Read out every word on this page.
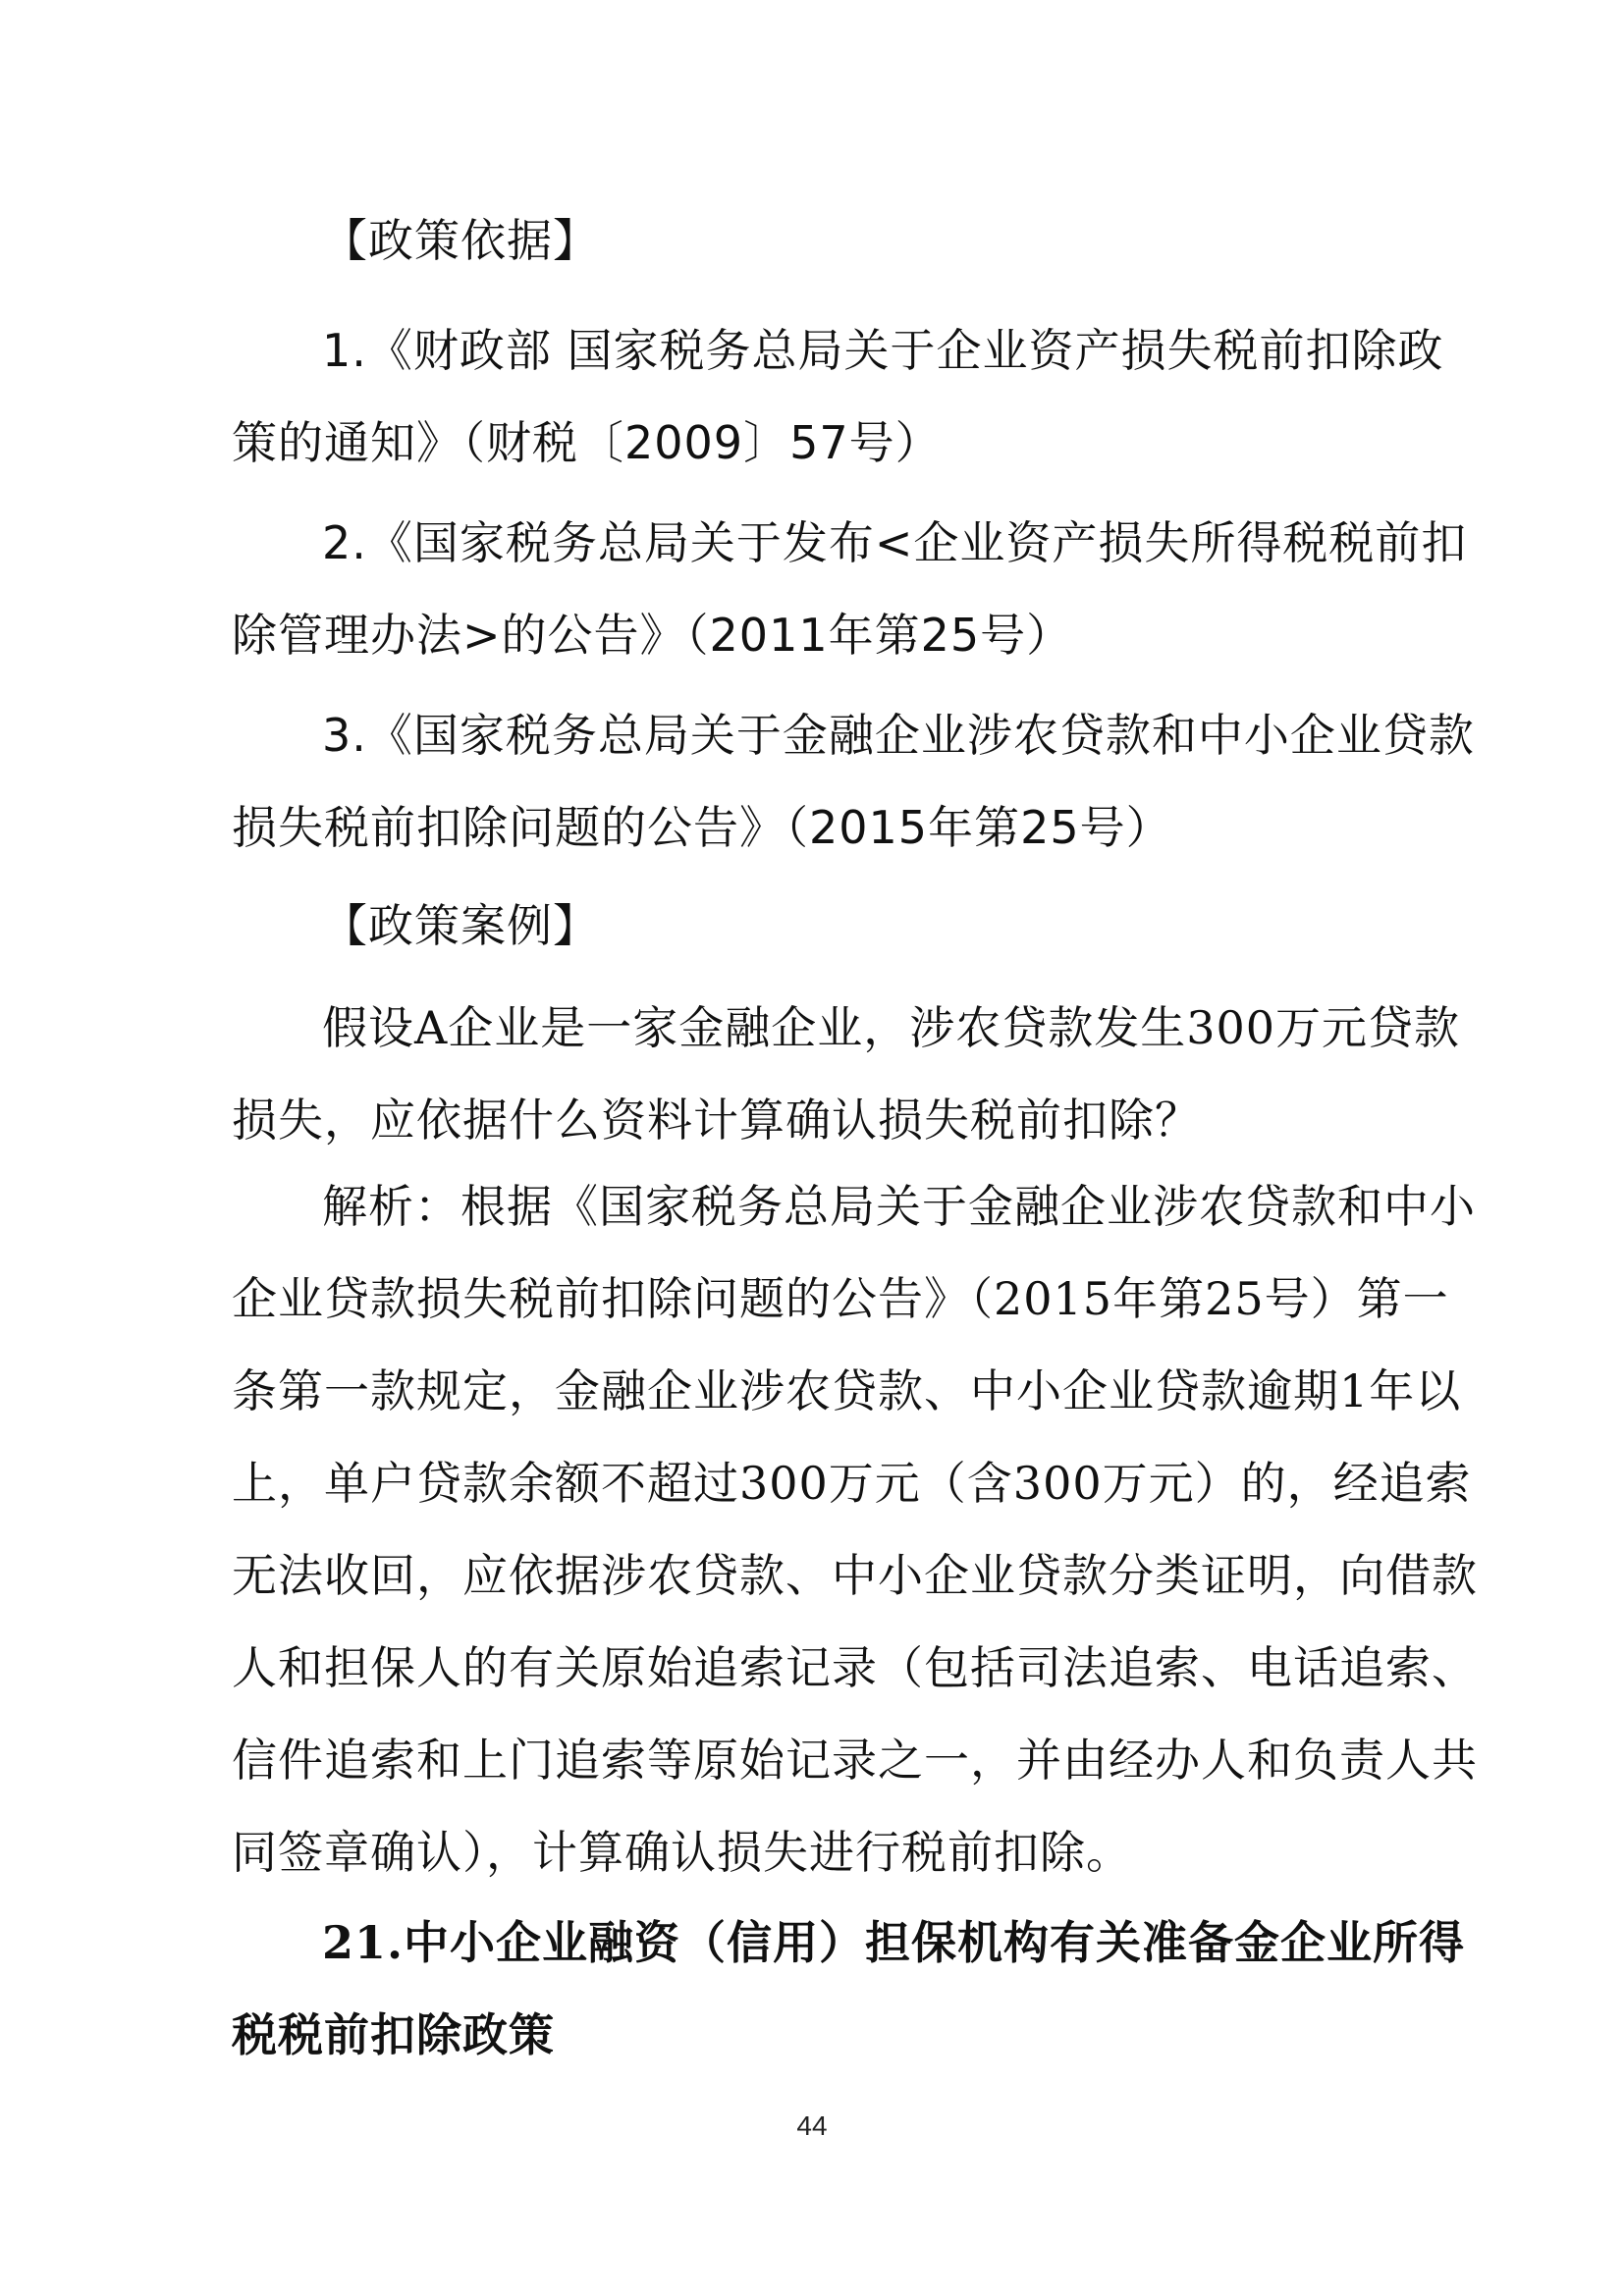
【政策依据】
1.《财政部 国家税务总局关于企业资产损失税前扣除政
策的通知》（财税〔2009〕57号）
2.《国家税务总局关于发布<企业资产损失所得税税前扣
除管理办法>的公告》（2011年第25号）
3.《国家税务总局关于金融企业涉农贷款和中小企业贷款
损失税前扣除问题的公告》（2015年第25号）
【政策案例】
假设A企业是一家金融企业，涉农贷款发生300万元贷款
损失，应依据什么资料计算确认损失税前扣除？
解析：根据《国家税务总局关于金融企业涉农贷款和中小
企业贷款损失税前扣除问题的公告》（2015年第25号）第一
条第一款规定，金融企业涉农贷款、中小企业贷款逾期1年以
上，单户贷款余额不超过300万元（含300万元）的，经追索
无法收回，应依据涉农贷款、中小企业贷款分类证明，向借款
人和担保人的有关原始追索记录（包括司法追索、电话追索、
信件追索和上门追索等原始记录之一，并由经办人和负责人共
同签章确认），计算确认损失进行税前扣除。
21.中小企业融资（信用）担保机构有关准备金企业所得
税税前扣除政策
44
